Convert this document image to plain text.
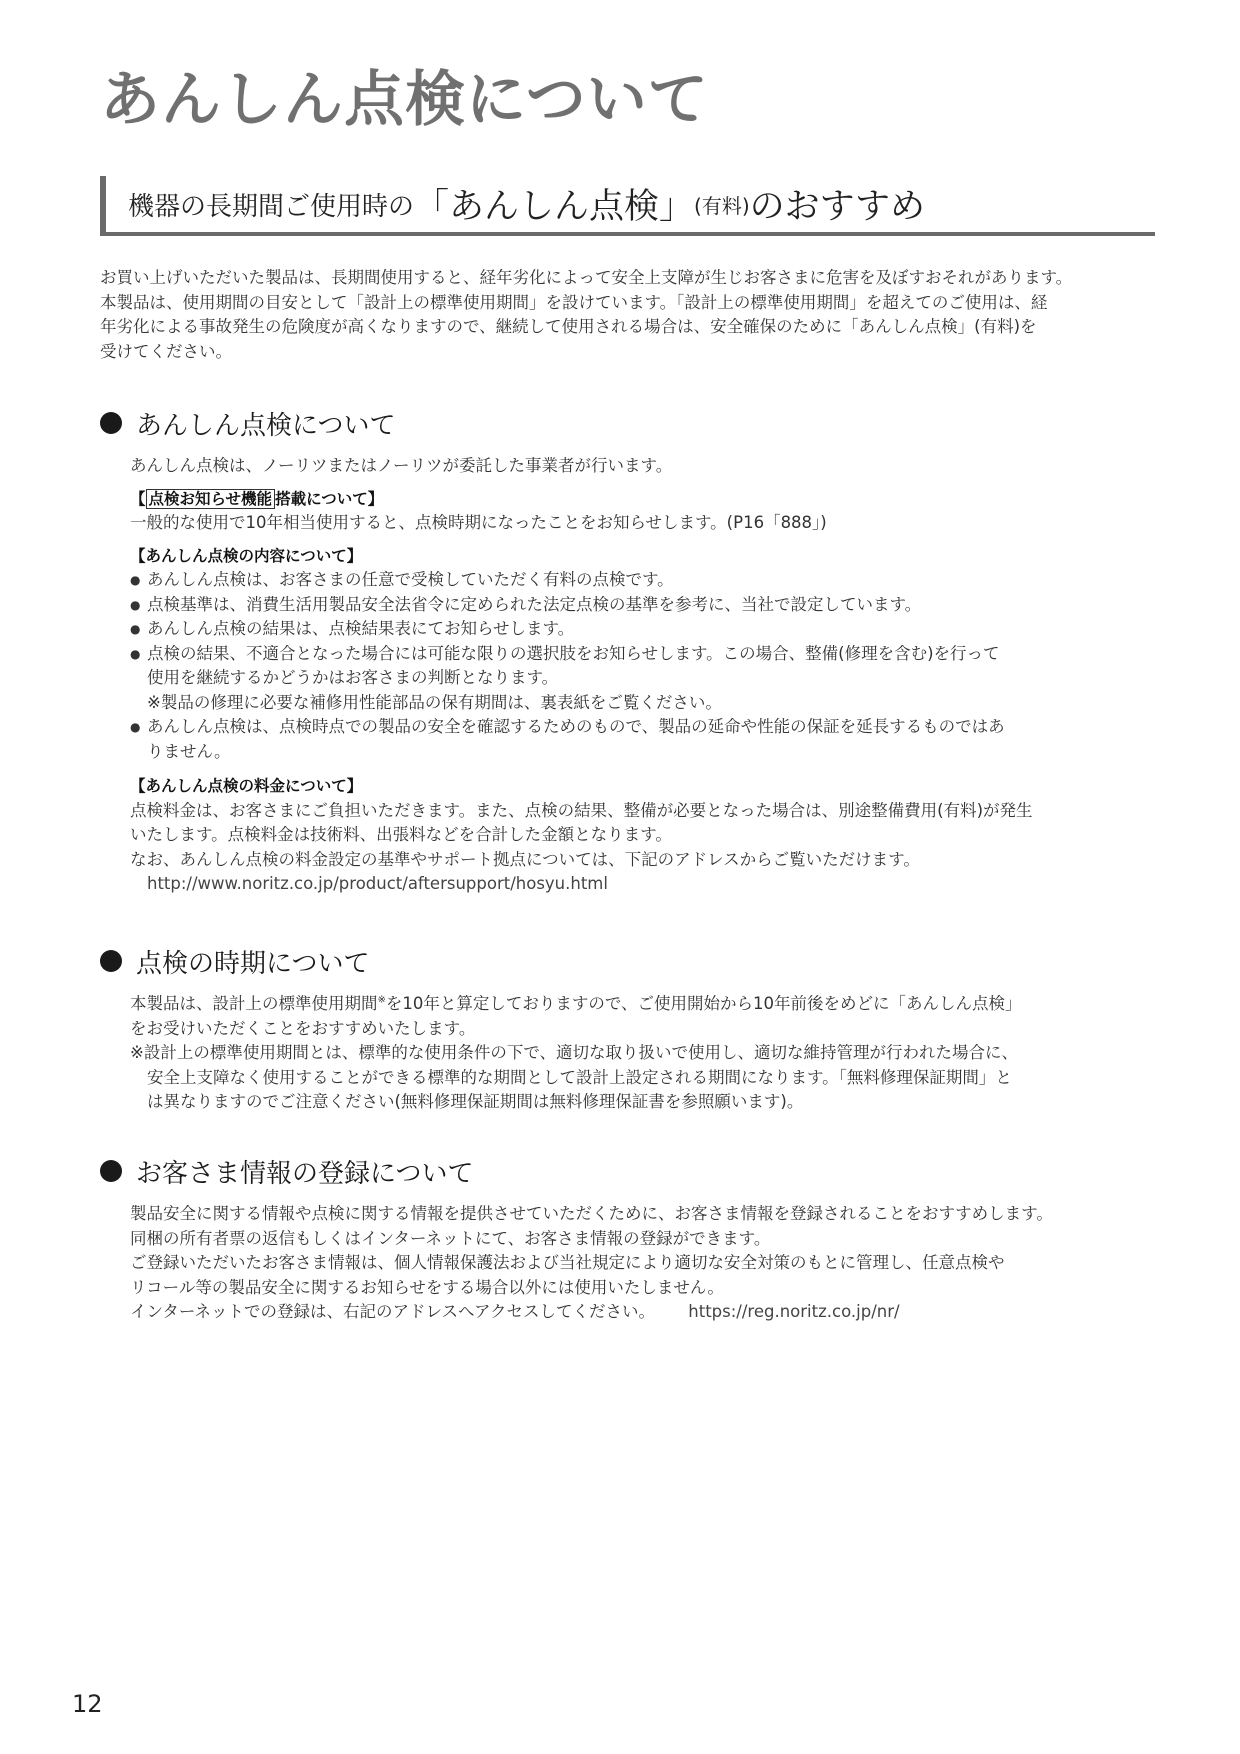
あんしん点検について
機器の長期間ご使用時の 「あんしん点検」 (有料) のおすすめ
お買い上げいただいた製品は、長期間使用すると、経年劣化によって安全上支障が生じお客さまに危害を及ぼすおそれがあります。
本製品は、使用期間の目安として「設計上の標準使用期間」を設けています。「設計上の標準使用期間」を超えてのご使用は、経
年劣化による事故発生の危険度が高くなりますので、継続して使用される場合は、安全確保のために「あんしん点検」(有料)を
受けてください。
あんしん点検について
あんしん点検は、ノーリツまたはノーリツが委託した事業者が行います。
【 点検お知らせ機能 搭載について】
一般的な使用で10年相当使用すると、点検時期になったことをお知らせします。(P16「888」)
【あんしん点検の内容について】
● あんしん点検は、お客さまの任意で受検していただく有料の点検です。
● 点検基準は、消費生活用製品安全法省令に定められた法定点検の基準を参考に、当社で設定しています。
● あんしん点検の結果は、点検結果表にてお知らせします。
● 点検の結果、不適合となった場合には可能な限りの選択肢をお知らせします。この場合、整備(修理を含む)を行って
使用を継続するかどうかはお客さまの判断となります。
※製品の修理に必要な補修用性能部品の保有期間は、裏表紙をご覧ください。
● あんしん点検は、点検時点での製品の安全を確認するためのもので、製品の延命や性能の保証を延長するものではあ
りません。
【あんしん点検の料金について】
点検料金は、お客さまにご負担いただきます。また、点検の結果、整備が必要となった場合は、別途整備費用(有料)が発生
いたします。点検料金は技術料、出張料などを合計した金額となります。
なお、あんしん点検の料金設定の基準やサポート拠点については、下記のアドレスからご覧いただけます。
http://www.noritz.co.jp/product/aftersupport/hosyu.html
点検の時期について
本製品は、設計上の標準使用期間※を10年と算定しておりますので、ご使用開始から10年前後をめどに「あんしん点検」
をお受けいただくことをおすすめいたします。
※設計上の標準使用期間とは、標準的な使用条件の下で、適切な取り扱いで使用し、適切な維持管理が行われた場合に、
安全上支障なく使用することができる標準的な期間として設計上設定される期間になります。「無料修理保証期間」と
は異なりますのでご注意ください(無料修理保証期間は無料修理保証書を参照願います)。
お客さま情報の登録について
製品安全に関する情報や点検に関する情報を提供させていただくために、お客さま情報を登録されることをおすすめします。
同梱の所有者票の返信もしくはインターネットにて、お客さま情報の登録ができます。
ご登録いただいたお客さま情報は、個人情報保護法および当社規定により適切な安全対策のもとに管理し、任意点検や
リコール等の製品安全に関するお知らせをする場合以外には使用いたしません。
インターネットでの登録は、右記のアドレスへアクセスしてください。 https://reg.noritz.co.jp/nr/
12
